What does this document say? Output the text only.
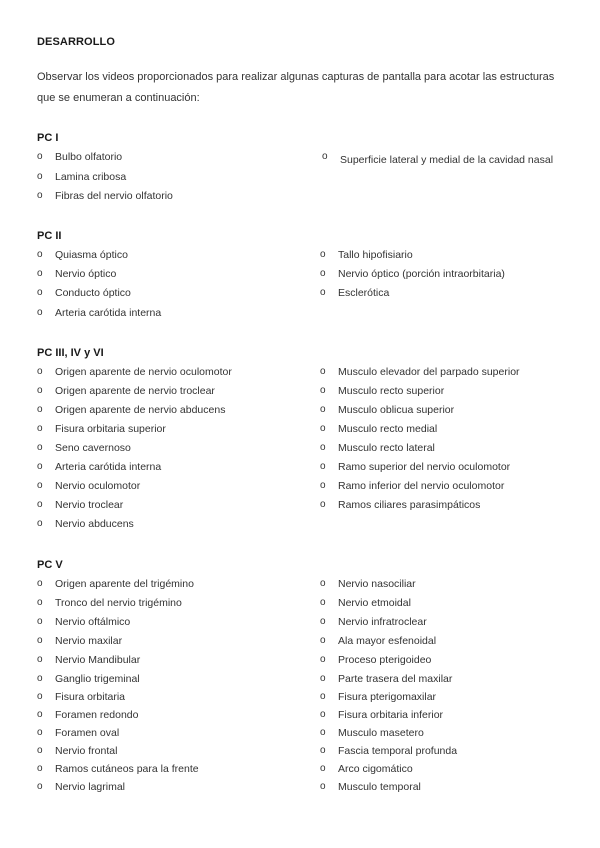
DESARROLLO
Observar los videos proporcionados para realizar algunas capturas de pantalla para acotar las estructuras que se enumeran a continuación:
PC I
o Bulbo olfatorio
o Lamina cribosa
o Fibras del nervio olfatorio
o Superficie lateral y medial de la cavidad nasal
PC II
o Quiasma óptico
o Nervio óptico
o Conducto óptico
o Arteria carótida interna
o Tallo hipofisiario
o Nervio óptico (porción intraorbitaria)
o Esclerótica
PC III, IV y VI
o Origen aparente de nervio oculomotor
o Origen aparente de nervio troclear
o Origen aparente de nervio abducens
o Fisura orbitaria superior
o Seno cavernoso
o Arteria carótida interna
o Nervio oculomotor
o Nervio troclear
o Nervio abducens
o Musculo elevador del parpado superior
o Musculo recto superior
o Musculo oblicua superior
o Musculo recto medial
o Musculo recto lateral
o Ramo superior del nervio oculomotor
o Ramo inferior del nervio oculomotor
o Ramos ciliares parasimpáticos
PC V
o Origen aparente del trigémino
o Tronco del nervio trigémino
o Nervio oftálmico
o Nervio maxilar
o Nervio Mandibular
o Ganglio trigeminal
o Fisura orbitaria
o Foramen redondo
o Foramen oval
o Nervio frontal
o Ramos cutáneos para la frente
o Nervio lagrimal
o Nervio nasociliar
o Nervio etmoidal
o Nervio infratroclear
o Ala mayor esfenoidal
o Proceso pterigoideo
o Parte trasera del maxilar
o Fisura pterigomaxilar
o Fisura orbitaria inferior
o Musculo masetero
o Fascia temporal profunda
o Arco cigomático
o Musculo temporal
